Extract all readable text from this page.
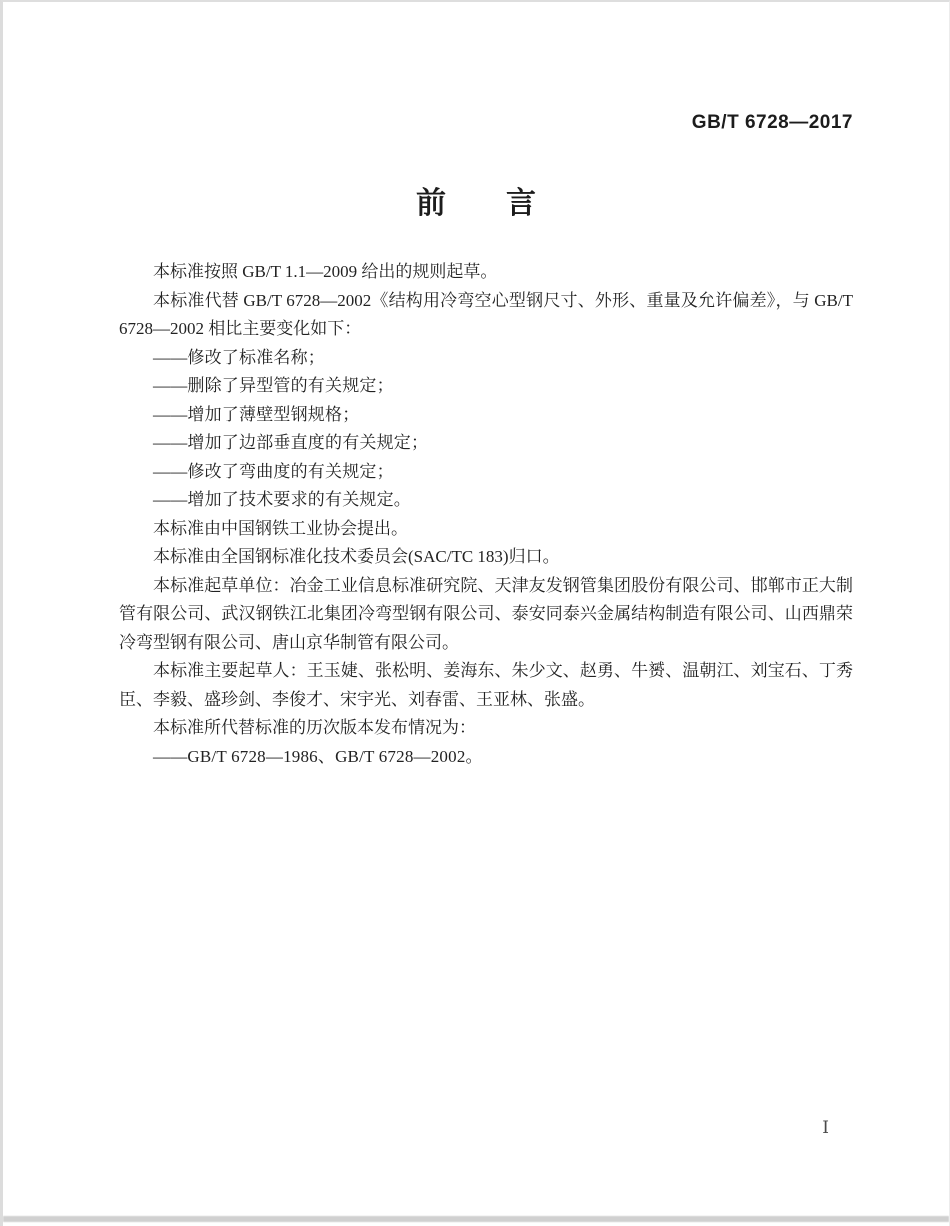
GB/T 6728—2017
前　　言

本标准按照 GB/T 1.1—2009 给出的规则起草。

本标准代替 GB/T 6728—2002《结构用冷弯空心型钢尺寸、外形、重量及允许偏差》，与 GB/T 6728—2002 相比主要变化如下：

——修改了标准名称；

——删除了异型管的有关规定；

——增加了薄壁型钢规格；

——增加了边部垂直度的有关规定；

——修改了弯曲度的有关规定；

——增加了技术要求的有关规定。

本标准由中国钢铁工业协会提出。

本标准由全国钢标准化技术委员会(SAC/TC 183)归口。

本标准起草单位：冶金工业信息标准研究院、天津友发钢管集团股份有限公司、邯郸市正大制管有限公司、武汉钢铁江北集团冷弯型钢有限公司、泰安同泰兴金属结构制造有限公司、山西鼎荣冷弯型钢有限公司、唐山京华制管有限公司。

本标准主要起草人：王玉婕、张松明、姜海东、朱少文、赵勇、牛赟、温朝江、刘宝石、丁秀臣、李毅、盛珍剑、李俊才、宋宇光、刘春雷、王亚林、张盛。

本标准所代替标准的历次版本发布情况为：

——GB/T 6728—1986、GB/T 6728—2002。

Ⅰ
